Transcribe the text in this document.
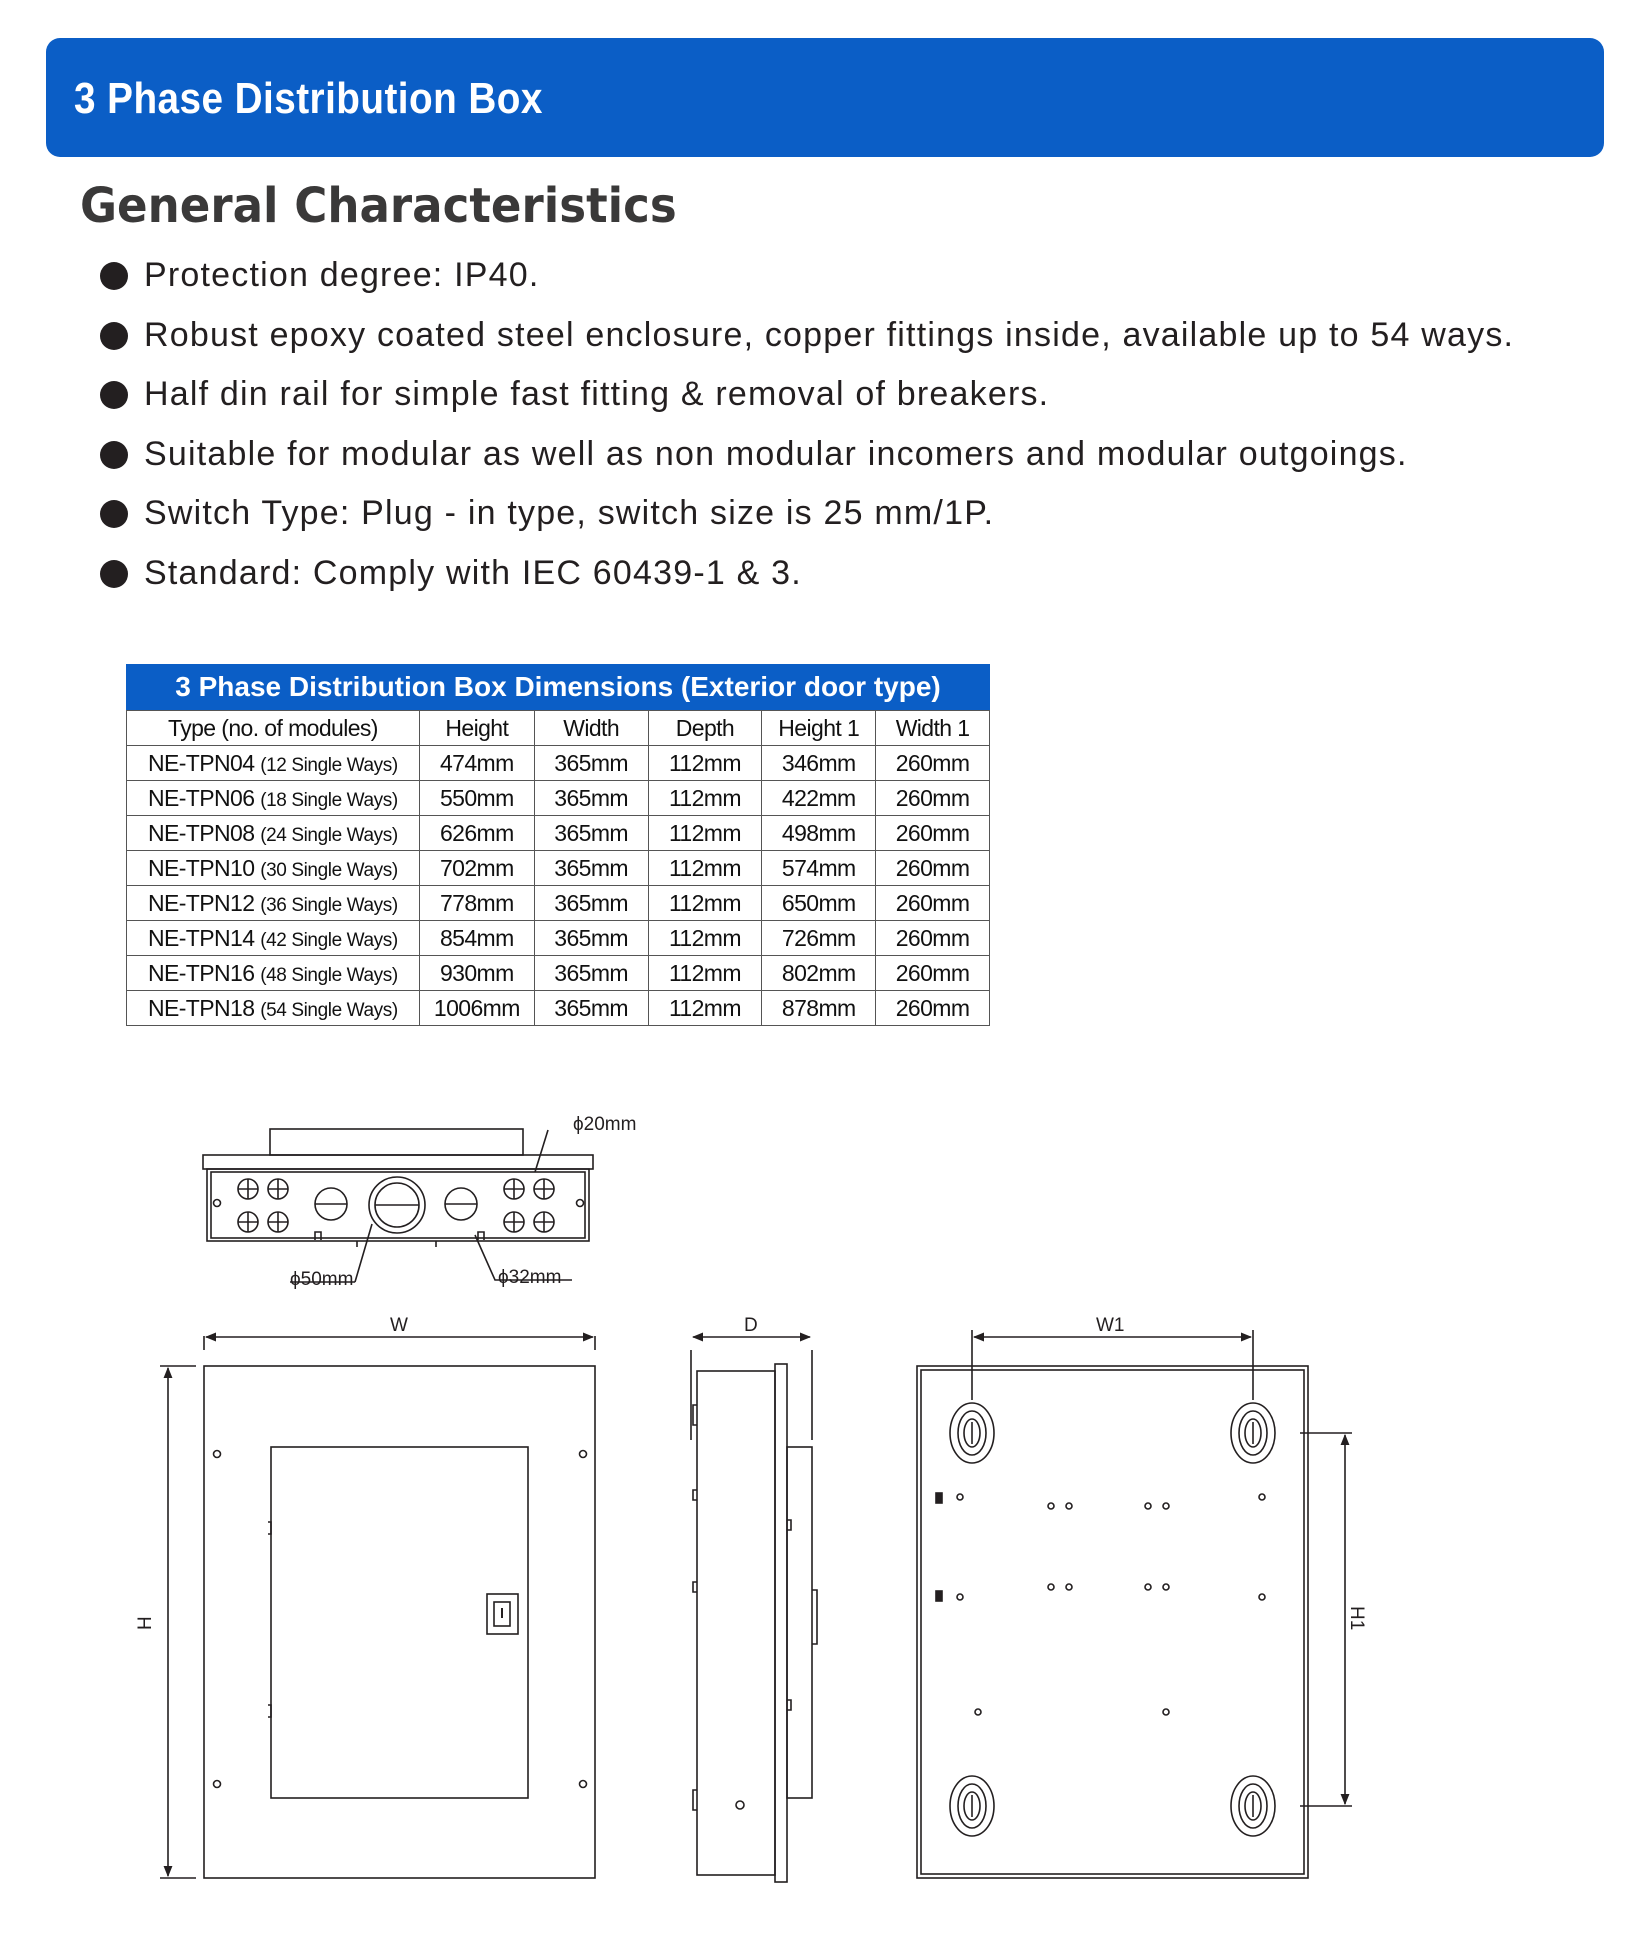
3 Phase Distribution Box
General Characteristics
Protection degree: IP40.
Robust epoxy coated steel enclosure, copper fittings inside, available up to 54 ways.
Half din rail for simple fast fitting & removal of breakers.
Suitable for modular as well as non modular incomers and modular outgoings.
Switch Type: Plug - in type, switch size is 25 mm/1P.
Standard: Comply with IEC 60439-1 & 3.
3 Phase Distribution Box Dimensions (Exterior door type)
Type (no. of modules)	Height	Width	Depth	Height 1	Width 1
NE-TPN04 (12 Single Ways)	474mm	365mm	112mm	346mm	260mm
NE-TPN06 (18 Single Ways)	550mm	365mm	112mm	422mm	260mm
NE-TPN08 (24 Single Ways)	626mm	365mm	112mm	498mm	260mm
NE-TPN10 (30 Single Ways)	702mm	365mm	112mm	574mm	260mm
NE-TPN12 (36 Single Ways)	778mm	365mm	112mm	650mm	260mm
NE-TPN14 (42 Single Ways)	854mm	365mm	112mm	726mm	260mm
NE-TPN16 (48 Single Ways)	930mm	365mm	112mm	802mm	260mm
NE-TPN18 (54 Single Ways)	1006mm	365mm	112mm	878mm	260mm
ϕ20mm
ϕ50mm	ϕ32mm
W
H
D	W1
H1
